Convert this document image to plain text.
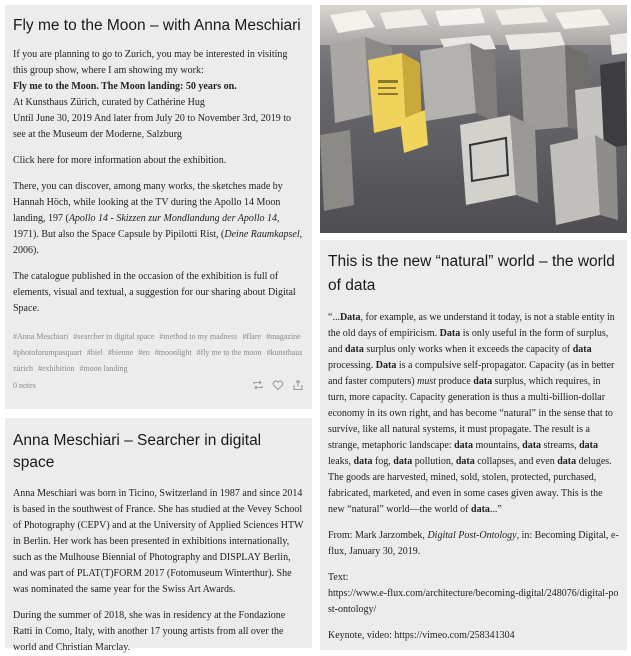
Fly me to the Moon – with Anna Meschiari

If you are planning to go to Zurich, you may be interested in visiting this group show, where I am showing my work:

Fly me to the Moon. The Moon landing: 50 years on.

At Kunsthaus Zürich, curated by Cathérine Hug

Until June 30, 2019 And later from July 20 to November 3rd, 2019 to see at the Museum der Moderne, Salzburg

Click here for more information about the exhibition.

There, you can discover, among many works, the sketches made by Hannah Höch, while looking at the TV during the Apollo 14 Moon landing, 197 (Apollo 14 - Skizzen zur Mondlandung der Apollo 14, 1971). But also the Space Capsule by Pipilotti Rist, (Deine Raumkapsel, 2006).

The catalogue published in the occasion of the exhibition is full of elements, visual and textual, a suggestion for our sharing about Digital Space.

#Anna Meschiari #searcher in digital space #method to my madness #flare #magazine #photoforumpasquart #biel #bienne #en #moonlight #fly me to the moon #kunsthaus zürich #exhibition #moon landing
0 notes
Anna Meschiari – Searcher in digital space

Anna Meschiari was born in Ticino, Switzerland in 1987 and since 2014 is based in the southwest of France. She has studied at the Vevey School of Photography (CEPV) and at the University of Applied Sciences HTW in Berlin. Her work has been presented in exhibitions internationally, such as the Mulhouse Biennial of Photography and DISPLAY Berlin, and was part of PLAT(T)FORM 2017 (Fotomuseum Winterthur). She was nominated the same year for the Swiss Art Awards.

During the summer of 2018, she was in residency at the Fondazione Ratti in Como, Italy, with another 17 young artists from all over the world and Christian Marclay.

This is the new “natural” world – the world of data

“...Data, for example, as we understand it today, is not a stable entity in the old days of empiricism. Data is only useful in the form of surplus, and data surplus only works when it exceeds the capacity of data processing. Data is a compulsive self-propagator. Capacity (as in better and faster computers) must produce data surplus, which requires, in turn, more capacity. Capacity generation is thus a multi-billion-dollar economy in its own right, and has become “natural” in the sense that to survive, like all natural systems, it must propagate. The result is a strange, metaphoric landscape: data mountains, data streams, data leaks, data fog, data pollution, data collapses, and even data deluges. The goods are harvested, mined, sold, stolen, protected, purchased, fabricated, marketed, and even in some cases given away. This is the new “natural” world—the world of data...”

From: Mark Jarzombek, Digital Post-Ontology, in: Becoming Digital, e-flux, January 30, 2019.

Text:

https://www.e-flux.com/architecture/becoming-digital/248076/digital-post-ontology/

Keynote, video: https://vimeo.com/258341304
